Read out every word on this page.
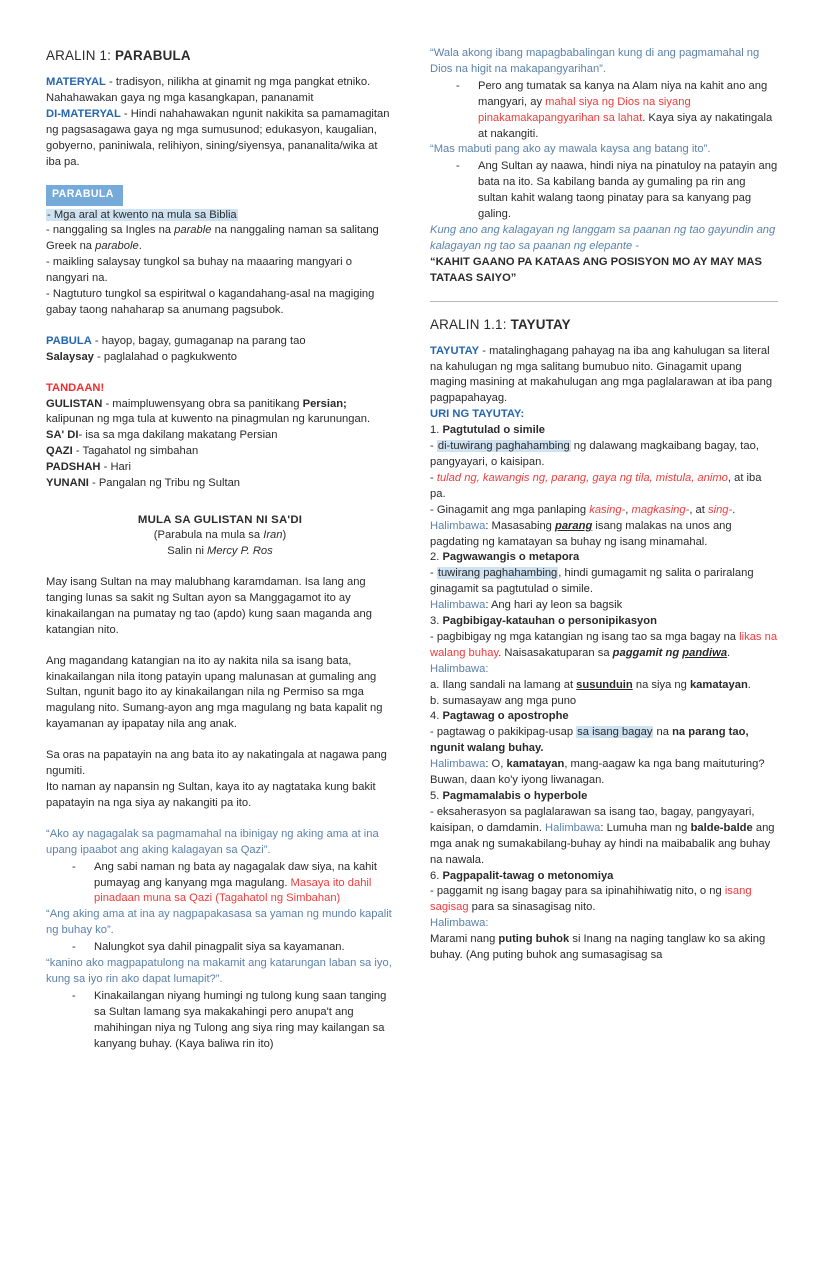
ARALIN 1: PARABULA

MATERYAL - tradisyon, nilikha at ginamit ng mga pangkat etniko. Nahahawakan gaya ng mga kasangkapan, pananamit

DI-MATERYAL - Hindi nahahawakan ngunit nakikita sa pamamagitan ng pagsasagawa gaya ng mga sumusunod; edukasyon, kaugalian, gobyerno, paniniwala, relihiyon, sining/siyensya, pananalita/wika at iba pa.

PARABULA
- Mga aral at kwento na mula sa Biblia
- nanggaling sa Ingles na parable na nanggaling naman sa salitang Greek na parabole.
- maikling salaysay tungkol sa buhay na maaaring mangyari o nangyari na.
- Nagtuturo tungkol sa espiritwal o kagandahang-asal na magiging gabay taong nahaharap sa anumang pagsubok.
PABULA - hayop, bagay, gumaganap na parang tao
Salaysay - paglalahad o pagkukwento
TANDAAN!
GULISTAN - maimpluwensyang obra sa panitikang Persian; kalipunan ng mga tula at kuwento na pinagmulan ng karunungan.
SA' DI- isa sa mga dakilang makatang Persian
QAZI - Tagahatol ng simbahan
PADSHAH - Hari
YUNANI - Pangalan ng Tribu ng Sultan
MULA SA GULISTAN NI SA'DI
(Parabula na mula sa Iran)
Salin ni Mercy P. Ros

May isang Sultan na may malubhang karamdaman. Isa lang ang tanging lunas sa sakit ng Sultan ayon sa Manggagamot ito ay kinakailangan na pumatay ng tao (apdo) kung saan maganda ang katangian nito.

Ang magandang katangian na ito ay nakita nila sa isang bata, kinakailangan nila itong patayin upang malunasan at gumaling ang Sultan, ngunit bago ito ay kinakailangan nila ng Permiso sa mga magulang nito. Sumang-ayon ang mga magulang ng bata kapalit ng kayamanan ay ipapatay nila ang anak.

Sa oras na papatayin na ang bata ito ay nakatingala at nagawa pang ngumiti.
Ito naman ay napansin ng Sultan, kaya ito ay nagtataka kung bakit papatayin na nga siya ay nakangiti pa ito.

“Ako ay nagagalak sa pagmamahal na ibinigay ng aking ama at ina upang ipaabot ang aking kalagayan sa Qazi”.

-	Ang sabi naman ng bata ay nagagalak daw siya, na kahit pumayag ang kanyang mga magulang. Masaya ito dahil pinadaan muna sa Qazi (Tagahatol ng Simbahan)

“Ang aking ama at ina ay nagpapakasasa sa yaman ng mundo kapalit ng buhay ko”.

-	Nalungkot sya dahil pinagpalit siya sa kayamanan.

“kanino ako magpapatulong na makamit ang katarungan laban sa iyo, kung sa iyo rin ako dapat lumapit?”.

-	Kinakailangan niyang humingi ng tulong kung saan tanging sa Sultan lamang sya makakahingi pero anupa't ang mahihingan niya ng Tulong ang siya ring may kailangan sa kanyang buhay. (Kaya baliwa rin ito)

“Wala akong ibang mapagbabalingan kung di ang pagmamahal ng Dios na higit na makapangyarihan”.

-	Pero ang tumatak sa kanya na Alam niya na kahit ano ang mangyari, ay mahal siya ng Dios na siyang pinakamakapangyarihan sa lahat. Kaya siya ay nakatingala at nakangiti.

“Mas mabuti pang ako ay mawala kaysa ang batang ito”.

-	Ang Sultan ay naawa, hindi niya na pinatuloy na patayin ang bata na ito. Sa kabilang banda ay gumaling pa rin ang sultan kahit walang taong pinatay para sa kanyang pag galing.

Kung ano ang kalagayan ng langgam sa paanan ng tao gayundin ang kalagayan ng tao sa paanan ng elepante -

“KAHIT GAANO PA KATAAS ANG POSISYON MO AY MAY MAS TATAAS SAIYO”

ARALIN 1.1: TAYUTAY

TAYUTAY - matalinghagang pahayag na iba ang kahulugan sa literal na kahulugan ng mga salitang bumubuo nito. Ginagamit upang maging masining at makahulugan ang mga paglalarawan at iba pang pagpapahayag.

URI NG TAYUTAY:
1. Pagtutulad o simile
- di-tuwirang paghahambing ng dalawang magkaibang bagay, tao, pangyayari, o kaisipan.
- tulad ng, kawangis ng, parang, gaya ng tila, mistula, animo, at iba pa.
- Ginagamit ang mga panlaping kasing-, magkasing-, at sing-.
Halimbawa: Masasabing parang isang malakas na unos ang pagdating ng kamatayan sa buhay ng isang minamahal.
2. Pagwawangis o metapora
- tuwirang paghahambing, hindi gumagamit ng salita o pariralang ginagamit sa pagtutulad o simile.
Halimbawa: Ang hari ay leon sa bagsik
3. Pagbibigay-katauhan o personipikasyon
- pagbibigay ng mga katangian ng isang tao sa mga bagay na likas na walang buhay. Naisasakatuparan sa paggamit ng pandiwa.
Halimbawa:
a. Ilang sandali na lamang at susunduin na siya ng kamatayan.
b. sumasayaw ang mga puno
4. Pagtawag o apostrophe
- pagtawag o pakikipag-usap sa isang bagay na na parang tao, ngunit walang buhay.
Halimbawa: O, kamatayan, mang-aagaw ka nga bang maituturing?
Buwan, daan ko'y iyong liwanagan.
5. Pagmamalabis o hyperbole
- eksaherasyon sa paglalarawan sa isang tao, bagay, pangyayari, kaisipan, o damdamin. Halimbawa: Lumuha man ng balde-balde ang mga anak ng sumakabilang-buhay ay hindi na maibabalik ang buhay na nawala.
6. Pagpapalit-tawag o metonomiya
- paggamit ng isang bagay para sa ipinahihiwatig nito, o ng isang sagisag para sa sinasagisag nito.
Halimbawa:
Marami nang puting buhok si Inang na naging tanglaw ko sa aking buhay. (Ang puting buhok ang sumasagisag sa
